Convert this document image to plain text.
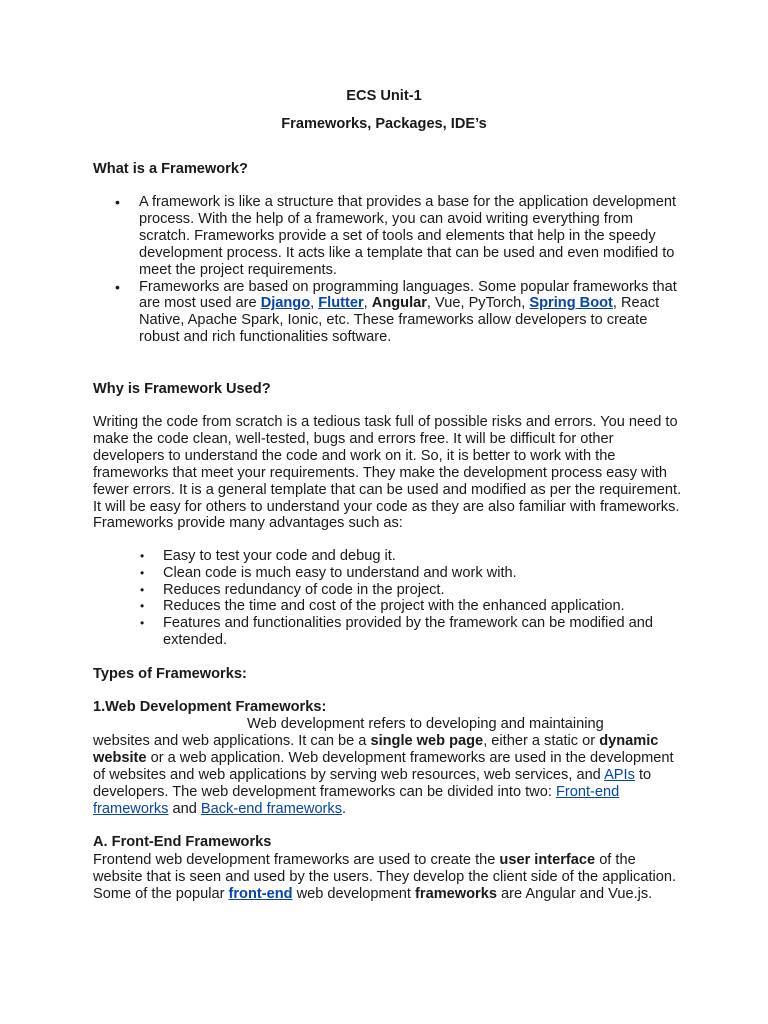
ECS Unit-1
Frameworks, Packages, IDE’s
What is a Framework?
• A framework is like a structure that provides a base for the application development process. With the help of a framework, you can avoid writing everything from scratch. Frameworks provide a set of tools and elements that help in the speedy development process. It acts like a template that can be used and even modified to meet the project requirements.
• Frameworks are based on programming languages. Some popular frameworks that are most used are Django, Flutter, Angular, Vue, PyTorch, Spring Boot, React Native, Apache Spark, Ionic, etc. These frameworks allow developers to create robust and rich functionalities software.
Why is Framework Used?

Writing the code from scratch is a tedious task full of possible risks and errors. You need to make the code clean, well-tested, bugs and errors free. It will be difficult for other developers to understand the code and work on it. So, it is better to work with the frameworks that meet your requirements. They make the development process easy with fewer errors. It is a general template that can be used and modified as per the requirement. It will be easy for others to understand your code as they are also familiar with frameworks.

Frameworks provide many advantages such as:

• Easy to test your code and debug it.
• Clean code is much easy to understand and work with.
• Reduces redundancy of code in the project.
• Reduces the time and cost of the project with the enhanced application.
• Features and functionalities provided by the framework can be modified and extended.
Types of Frameworks:
1.Web Development Frameworks:
Web development refers to developing and maintaining

websites and web applications. It can be a single web page, either a static or dynamic website or a web application. Web development frameworks are used in the development of websites and web applications by serving web resources, web services, and APIs to developers. The web development frameworks can be divided into two: Front-end frameworks and Back-end frameworks.

A. Front-End Frameworks

Frontend web development frameworks are used to create the user interface of the website that is seen and used by the users. They develop the client side of the application. Some of the popular front-end web development frameworks are Angular and Vue.js.
